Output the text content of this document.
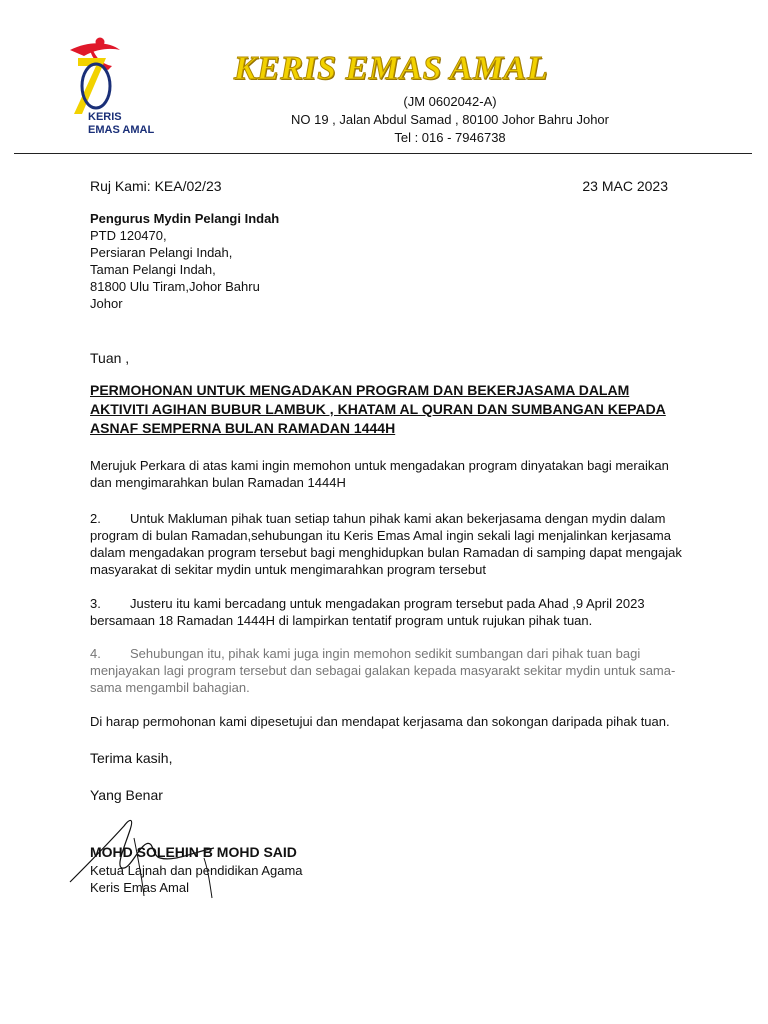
KERIS
EMAS AMAL
KERIS EMAS AMAL
(JM 0602042-A)
NO 19 , Jalan Abdul Samad , 80100 Johor Bahru Johor
Tel : 016 - 7946738
Ruj Kami: KEA/02/23	23 MAC 2023
Pengurus Mydin Pelangi Indah
PTD 120470,
Persiaran Pelangi Indah,
Taman Pelangi Indah,
81800 Ulu Tiram,Johor Bahru
Johor
Tuan ,
PERMOHONAN UNTUK MENGADAKAN PROGRAM DAN BEKERJASAMA DALAM AKTIVITI AGIHAN BUBUR LAMBUK , KHATAM AL QURAN DAN SUMBANGAN KEPADA ASNAF SEMPERNA BULAN RAMADAN 1444H
Merujuk Perkara di atas kami ingin memohon untuk mengadakan program dinyatakan bagi meraikan dan mengimarahkan bulan Ramadan 1444H
2. Untuk Makluman pihak tuan setiap tahun pihak kami akan bekerjasama dengan mydin dalam program di bulan Ramadan,sehubungan itu Keris Emas Amal ingin sekali lagi menjalinkan kerjasama dalam mengadakan program tersebut bagi menghidupkan bulan Ramadan di samping dapat mengajak masyarakat di sekitar mydin untuk mengimarahkan program tersebut
3. Justeru itu kami bercadang untuk mengadakan program tersebut pada Ahad ,9 April 2023 bersamaan 18 Ramadan 1444H di lampirkan tentatif program untuk rujukan pihak tuan.
4. Sehubungan itu, pihak kami juga ingin memohon sedikit sumbangan dari pihak tuan bagi menjayakan lagi program tersebut dan sebagai galakan kepada masyarakt sekitar mydin untuk sama-sama mengambil bahagian.
Di harap permohonan kami dipesetujui dan mendapat kerjasama dan sokongan daripada pihak tuan.
Terima kasih,
Yang Benar
MOHD SOLEHIN B MOHD SAID
Ketua Lajnah dan pendidikan Agama
Keris Emas Amal
